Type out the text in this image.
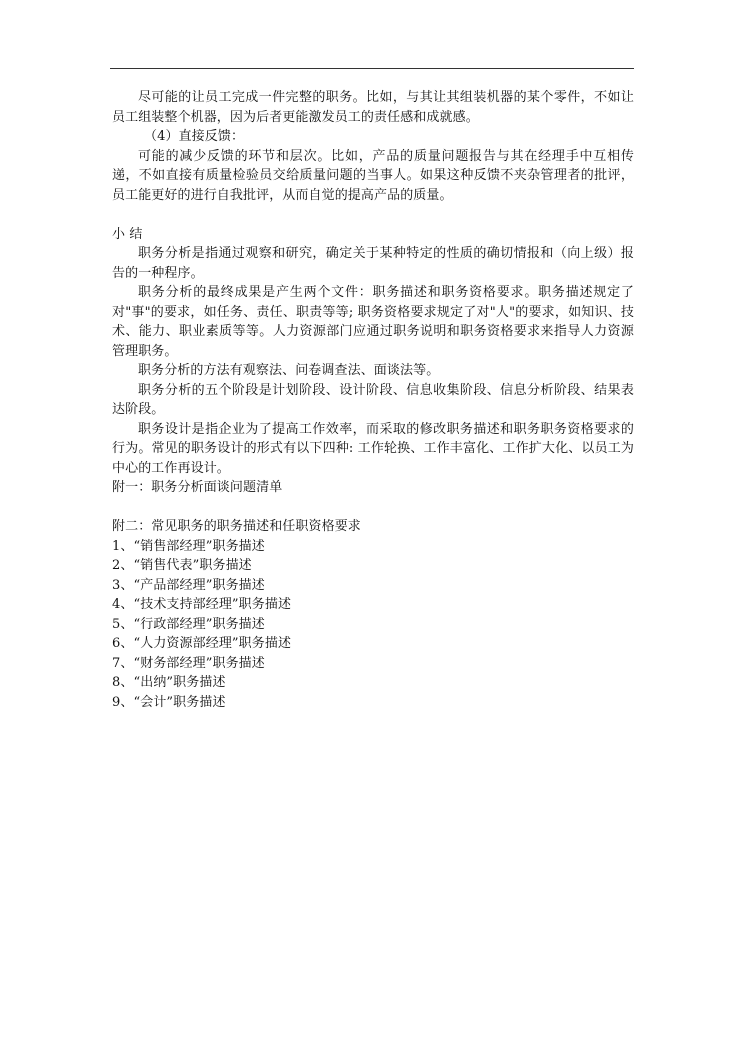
尽可能的让员工完成一件完整的职务。比如，与其让其组装机器的某个零件，不如让员工组装整个机器，因为后者更能激发员工的责任感和成就感。

（4）直接反馈：

可能的减少反馈的环节和层次。比如，产品的质量问题报告与其在经理手中互相传递，不如直接有质量检验员交给质量问题的当事人。如果这种反馈不夹杂管理者的批评，员工能更好的进行自我批评，从而自觉的提高产品的质量。

小 结

职务分析是指通过观察和研究，确定关于某种特定的性质的确切情报和（向上级）报告的一种程序。

职务分析的最终成果是产生两个文件：职务描述和职务资格要求。职务描述规定了对"事"的要求，如任务、责任、职责等等; 职务资格要求规定了对"人"的要求，如知识、技术、能力、职业素质等等。人力资源部门应通过职务说明和职务资格要求来指导人力资源管理职务。

职务分析的方法有观察法、问卷调查法、面谈法等。

职务分析的五个阶段是计划阶段、设计阶段、信息收集阶段、信息分析阶段、结果表达阶段。

职务设计是指企业为了提高工作效率，而采取的修改职务描述和职务职务资格要求的行为。常见的职务设计的形式有以下四种: 工作轮换、工作丰富化、工作扩大化、以员工为中心的工作再设计。

附一：职务分析面谈问题清单

附二：常见职务的职务描述和任职资格要求

1、“销售部经理”职务描述
2、“销售代表”职务描述
3、“产品部经理”职务描述
4、“技术支持部经理”职务描述
5、“行政部经理”职务描述
6、“人力资源部经理”职务描述
7、“财务部经理”职务描述
8、“出纳”职务描述
9、“会计”职务描述
